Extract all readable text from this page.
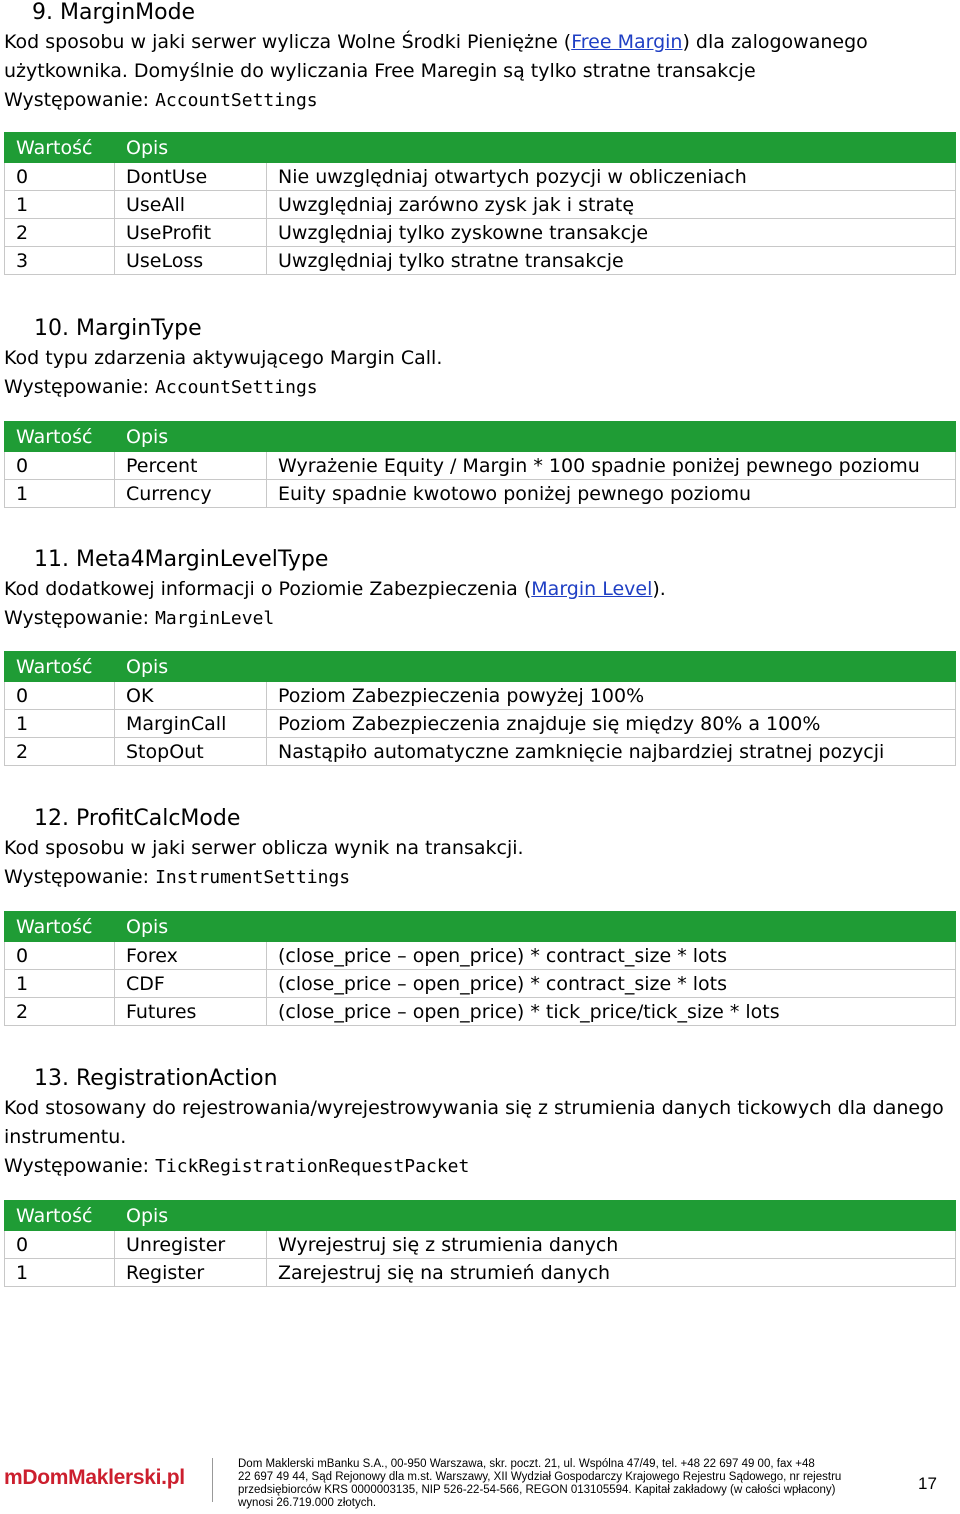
9. MarginMode
Kod sposobu w jaki serwer wylicza Wolne Środki Pieniężne (Free Margin) dla zalogowanego
użytkownika. Domyślnie do wyliczania Free Maregin są tylko stratne transakcje
Występowanie: AccountSettings
Wartość	Opis	
0	DontUse	Nie uwzględniaj otwartych pozycji w obliczeniach
1	UseAll	Uwzględniaj zarówno zysk jak i stratę
2	UseProfit	Uwzględniaj tylko zyskowne transakcje
3	UseLoss	Uwzględniaj tylko stratne transakcje
10. MarginType
Kod typu zdarzenia aktywującego Margin Call.
Występowanie: AccountSettings
Wartość	Opis	
0	Percent	Wyrażenie Equity / Margin * 100 spadnie poniżej pewnego poziomu
1	Currency	Euity spadnie kwotowo poniżej pewnego poziomu
11. Meta4MarginLevelType
Kod dodatkowej informacji o Poziomie Zabezpieczenia (Margin Level).
Występowanie: MarginLevel
Wartość	Opis	
0	OK	Poziom Zabezpieczenia powyżej 100%
1	MarginCall	Poziom Zabezpieczenia znajduje się między 80% a 100%
2	StopOut	Nastąpiło automatyczne zamknięcie najbardziej stratnej pozycji
12. ProfitCalcMode
Kod sposobu w jaki serwer oblicza wynik na transakcji.
Występowanie: InstrumentSettings
Wartość	Opis	
0	Forex	(close_price – open_price) * contract_size * lots
1	CDF	(close_price – open_price) * contract_size * lots
2	Futures	(close_price – open_price) * tick_price/tick_size * lots
13. RegistrationAction
Kod stosowany do rejestrowania/wyrejestrowywania się z strumienia danych tickowych dla danego
instrumentu.
Występowanie: TickRegistrationRequestPacket
Wartość	Opis	
0	Unregister	Wyrejestruj się z strumienia danych
1	Register	Zarejestruj się na strumień danych
mDomMaklerski.pl
Dom Maklerski mBanku S.A., 00-950 Warszawa, skr. poczt. 21, ul. Wspólna 47/49, tel. +48 22 697 49 00, fax +48
22 697 49 44, Sąd Rejonowy dla m.st. Warszawy, XII Wydział Gospodarczy Krajowego Rejestru Sądowego, nr rejestru
przedsiębiorców KRS 0000003135, NIP 526-22-54-566, REGON 013105594. Kapitał zakładowy (w całości wpłacony)
wynosi 26.719.000 złotych.
17
